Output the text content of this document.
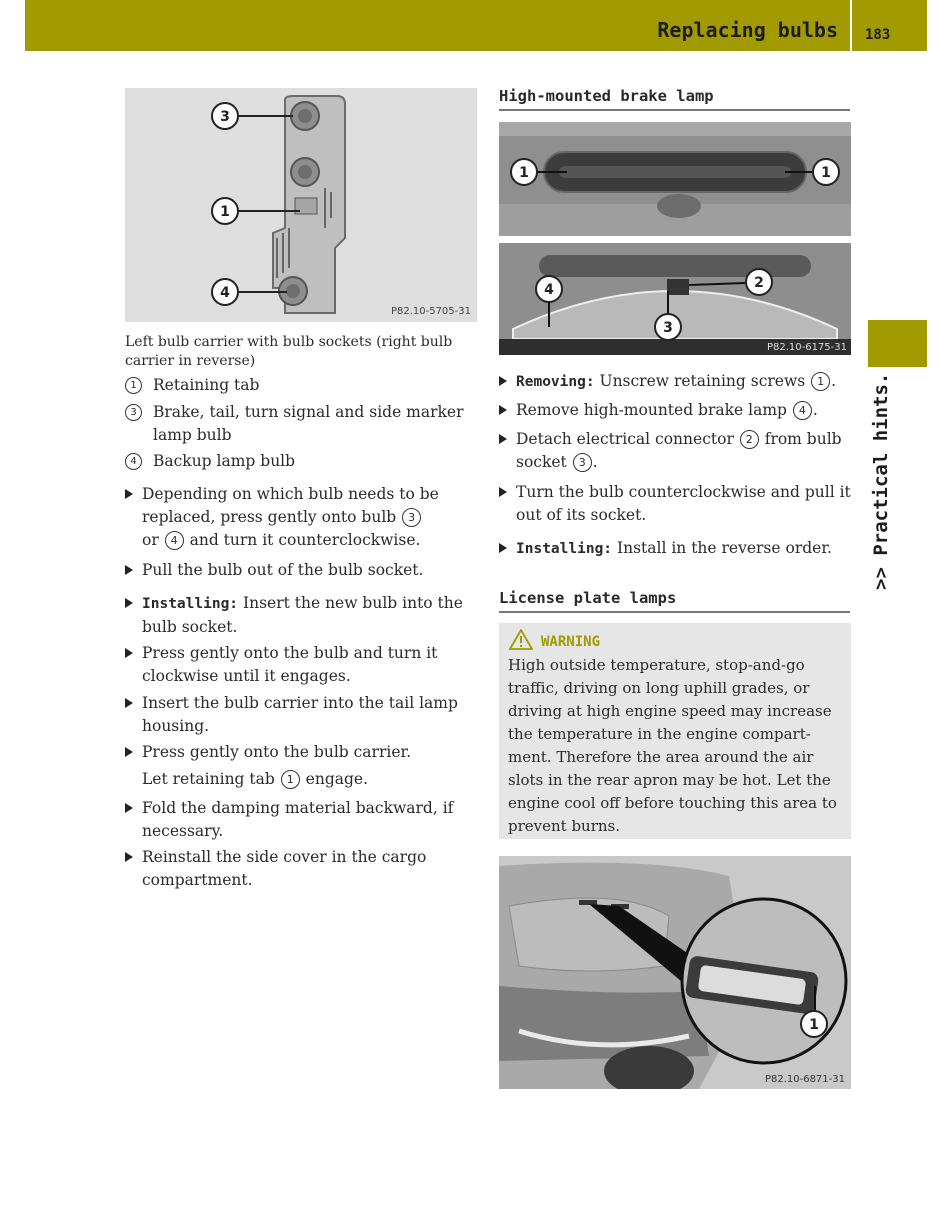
Replacing bulbs 183
>> Practical hints.
3
1
4
P82.10-5705-31
Left bulb carrier with bulb sockets (right bulb carrier in reverse)
1	Retaining tab
3	Brake, tail, turn signal and side marker lamp bulb
4	Backup lamp bulb
Depending on which bulb needs to be replaced, press gently onto bulb 3
or 4 and turn it counterclockwise.
Pull the bulb out of the bulb socket.
Installing: Insert the new bulb into the bulb socket.
Press gently onto the bulb and turn it clockwise until it engages.
Insert the bulb carrier into the tail lamp housing.
Press gently onto the bulb carrier.
Let retaining tab 1 engage.
Fold the damping material backward, if necessary.
Reinstall the side cover in the cargo compartment.
High-mounted brake lamp
1	1
4	2
3
P82.10-6175-31
Removing: Unscrew retaining screws 1 .
Remove high-mounted brake lamp 4 .
Detach electrical connector 2 from bulb socket 3 .
Turn the bulb counterclockwise and pull it out of its socket.
Installing: Install in the reverse order.
License plate lamps
WARNING
High outside temperature, stop-and-go traffic, driving on long uphill grades, or driving at high engine speed may increase the temperature in the engine compart-ment. Therefore the area around the air slots in the rear apron may be hot. Let the engine cool off before touching this area to prevent burns.
1
P82.10-6871-31
